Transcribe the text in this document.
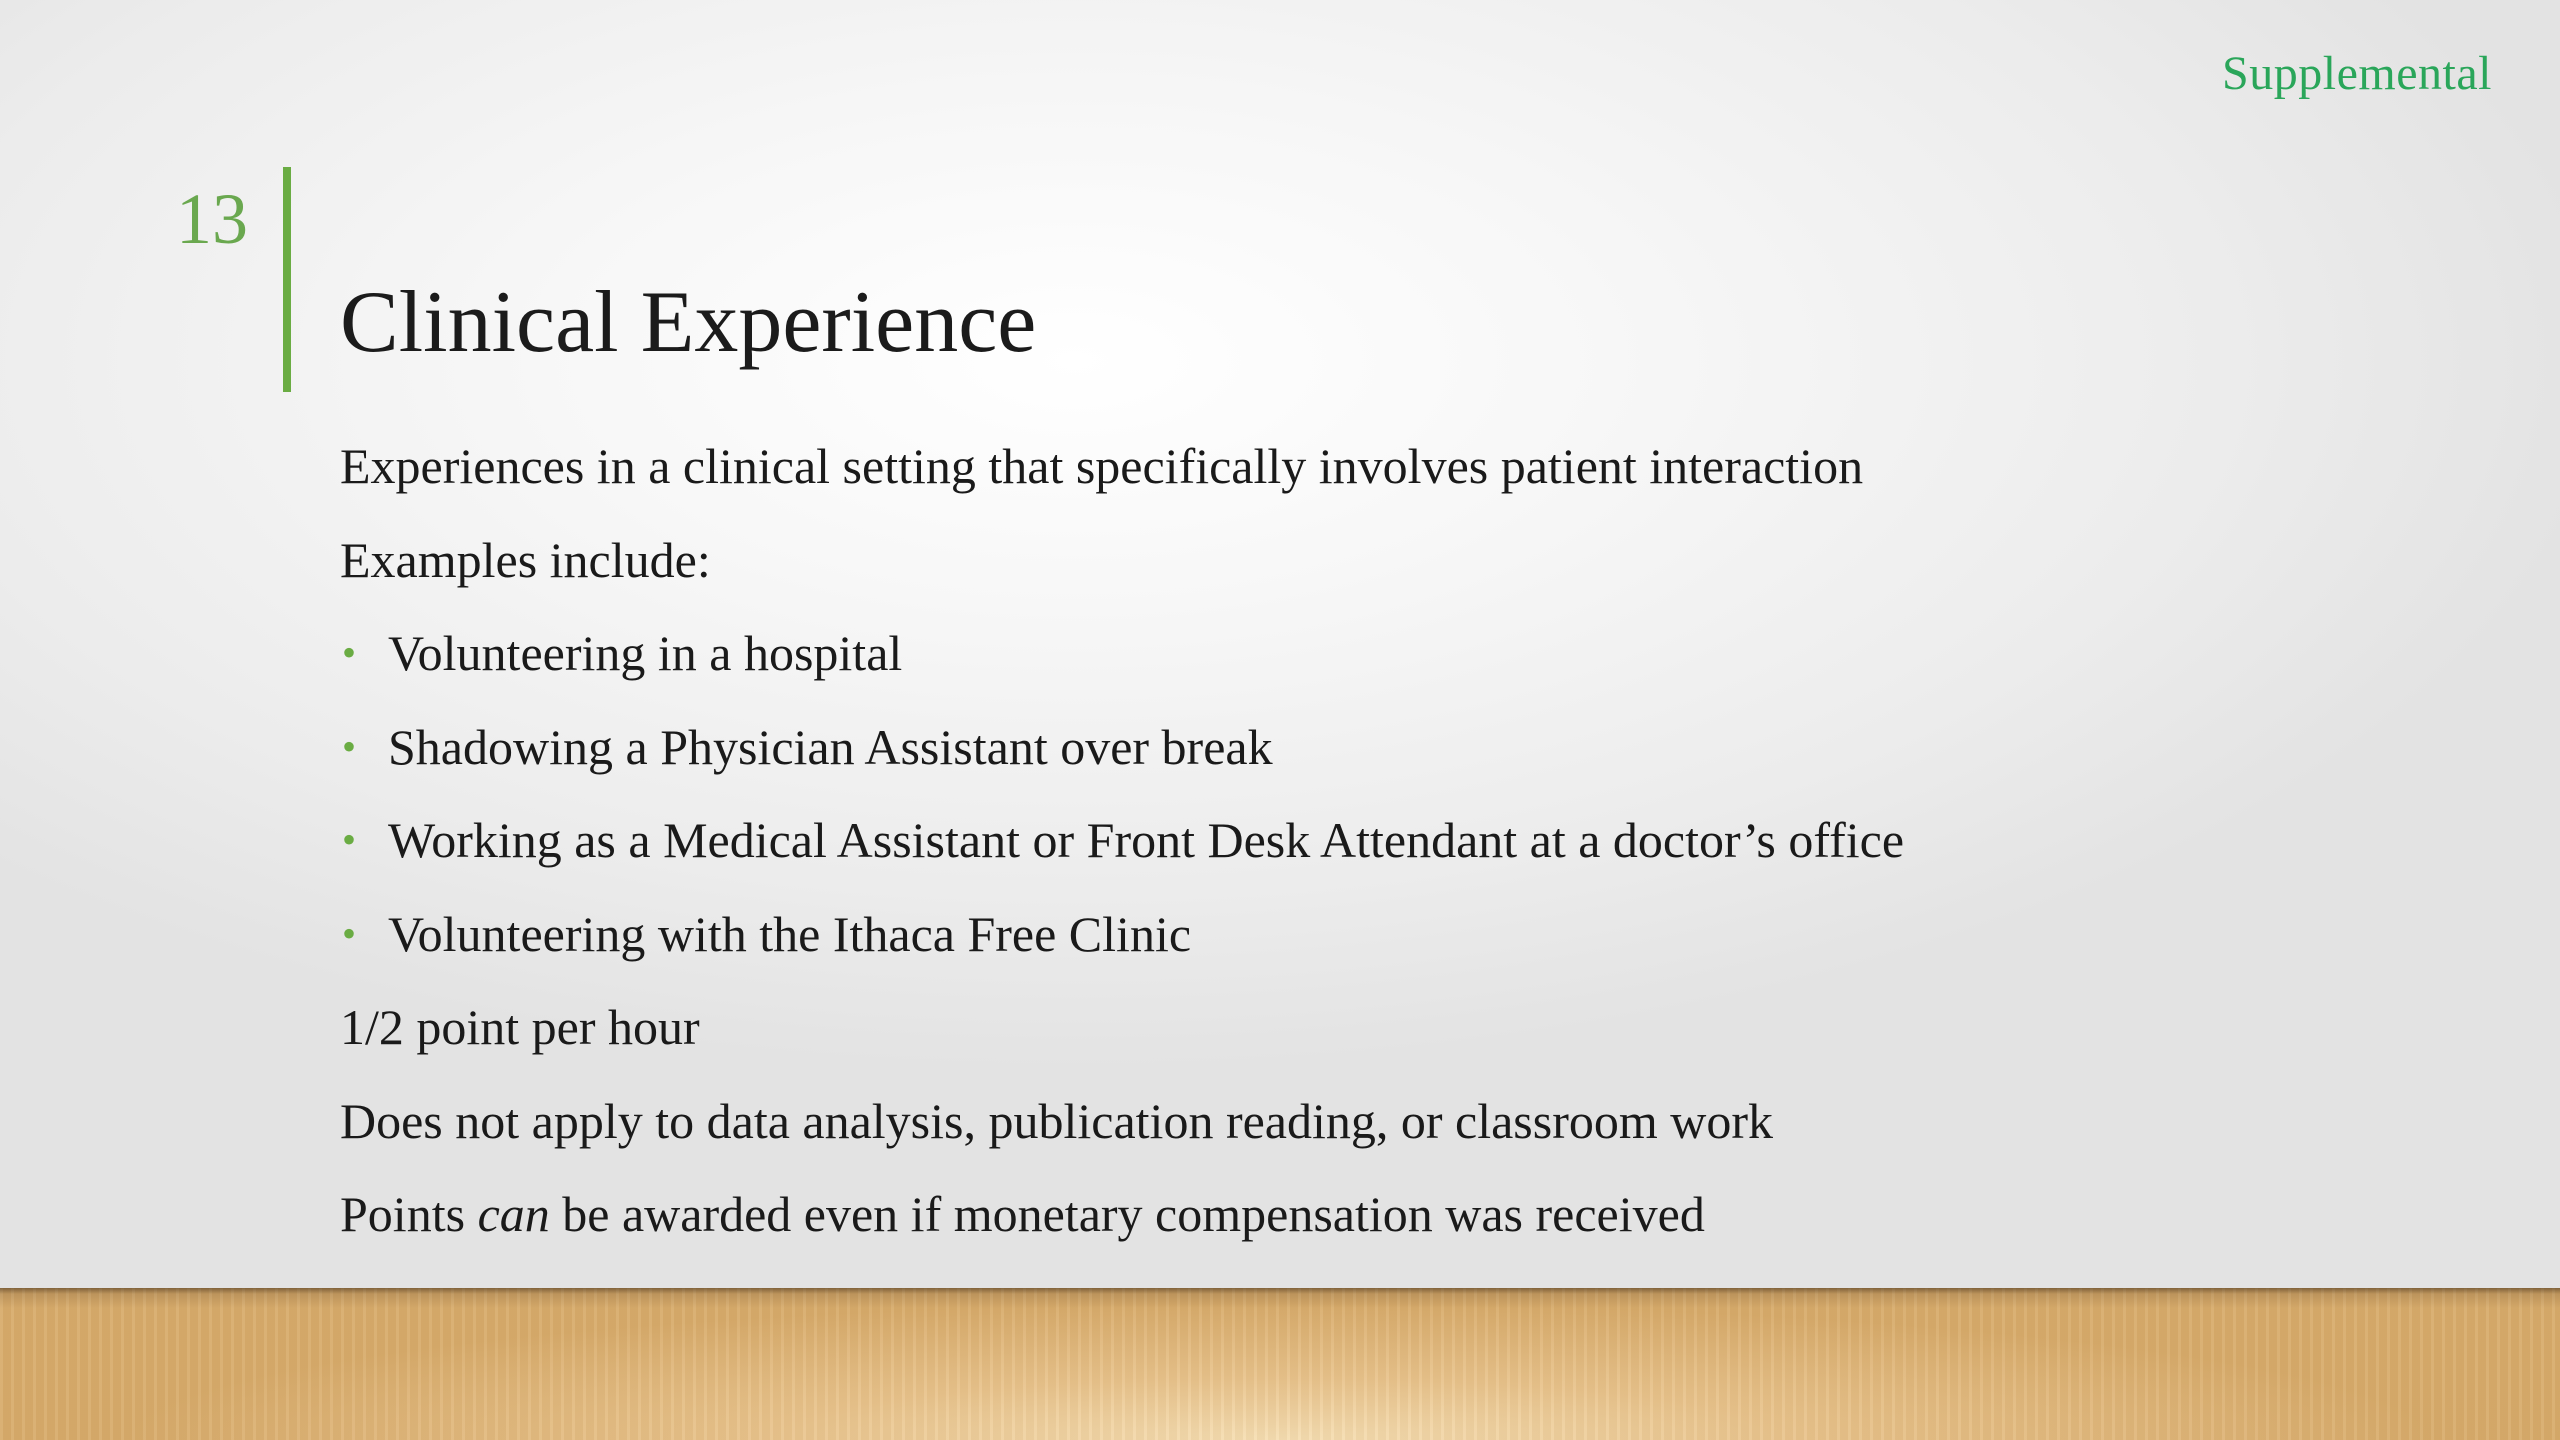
Supplemental
13
Clinical Experience
Experiences in a clinical setting that specifically involves patient interaction
Examples include:
• Volunteering in a hospital
• Shadowing a Physician Assistant over break
• Working as a Medical Assistant or Front Desk Attendant at a doctor’s office
• Volunteering with the Ithaca Free Clinic
1/2 point per hour
Does not apply to data analysis, publication reading, or classroom work
Points can be awarded even if monetary compensation was received
